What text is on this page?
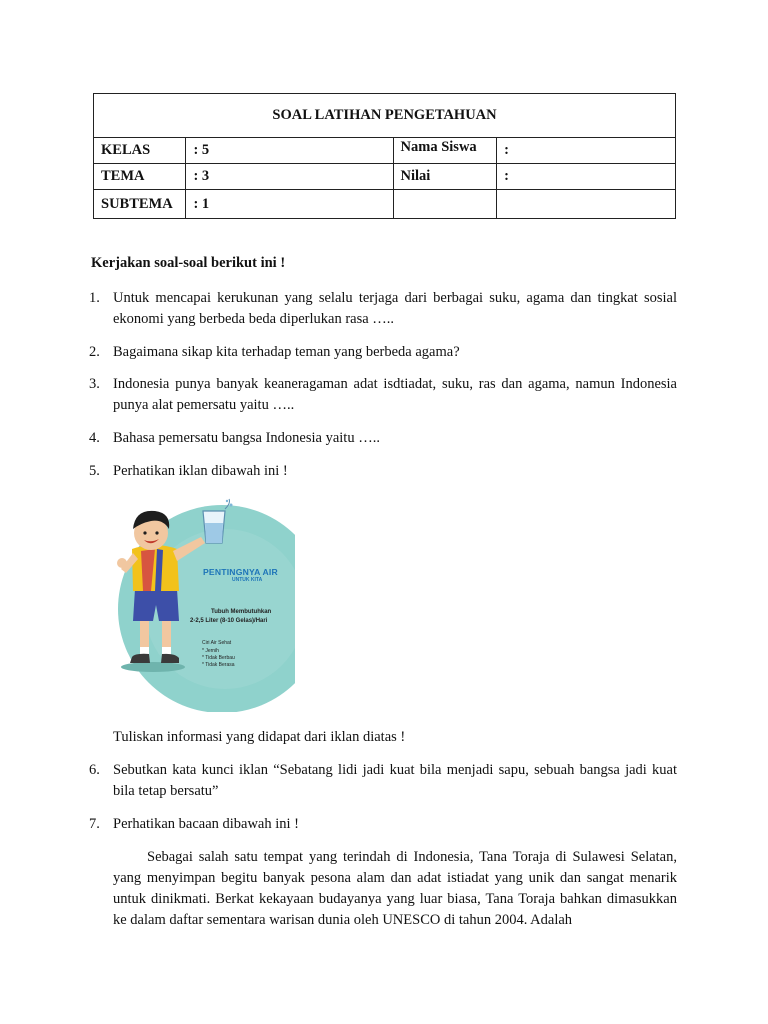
SOAL LATIHAN PENGETAHUAN			
KELAS	: 5	Nama Siswa	:
TEMA	: 3	Nilai	:
SUBTEMA	: 1		
Kerjakan soal-soal berikut ini !
1. Untuk mencapai kerukunan yang selalu terjaga dari berbagai suku, agama dan tingkat sosial ekonomi yang berbeda beda diperlukan rasa …..
2. Bagaimana sikap kita terhadap teman yang berbeda agama?
3. Indonesia punya banyak keaneragaman adat isdtiadat, suku, ras dan agama, namun Indonesia punya alat pemersatu yaitu …..
4. Bahasa pemersatu bangsa Indonesia yaitu …..
5. Perhatikan iklan dibawah ini !
PENTINGNYA AIR
UNTUK KITA
Tubuh Membutuhkan
2-2,5 Liter (8-10 Gelas)/Hari
Ciri Air Sehat
* Jernih
* Tidak Berbau
* Tidak Berasa
Tuliskan informasi yang didapat dari iklan diatas !
6. Sebutkan kata kunci iklan “Sebatang lidi jadi kuat bila menjadi sapu, sebuah bangsa jadi kuat bila tetap bersatu”
7. Perhatikan bacaan dibawah ini !
Sebagai salah satu tempat yang terindah di Indonesia, Tana Toraja di Sulawesi Selatan, yang menyimpan begitu banyak pesona alam dan adat istiadat yang unik dan sangat menarik untuk dinikmati. Berkat kekayaan budayanya yang luar biasa, Tana Toraja bahkan dimasukkan ke dalam daftar sementara warisan dunia oleh UNESCO di tahun 2004. Adalah
